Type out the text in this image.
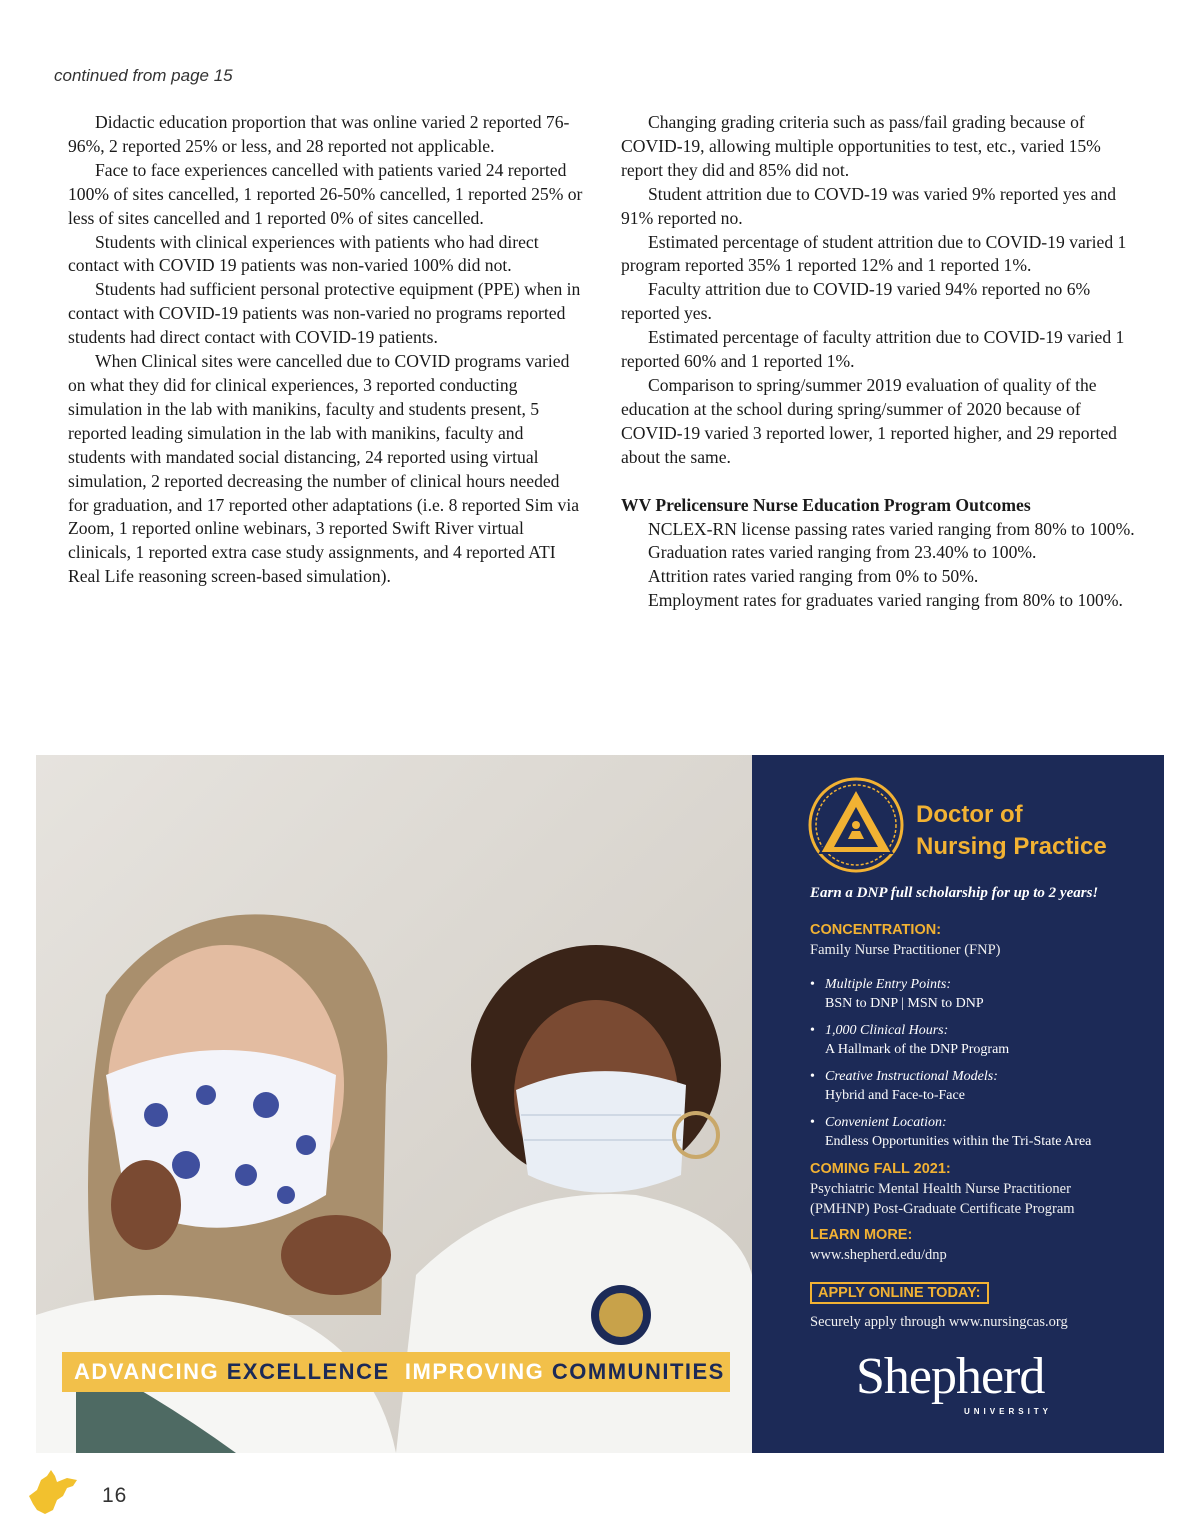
continued from page 15

Didactic education proportion that was online varied 2 reported 76-96%, 2 reported 25% or less, and 28 reported not applicable.

Face to face experiences cancelled with patients varied 24 reported 100% of sites cancelled, 1 reported 26-50% cancelled, 1 reported 25% or less of sites cancelled and 1 reported 0% of sites cancelled.

Students with clinical experiences with patients who had direct contact with COVID 19 patients was non-varied 100% did not.

Students had sufficient personal protective equipment (PPE) when in contact with COVID-19 patients was non-varied no programs reported students had direct contact with COVID-19 patients.

When Clinical sites were cancelled due to COVID programs varied on what they did for clinical experiences, 3 reported conducting simulation in the lab with manikins, faculty and students present, 5 reported leading simulation in the lab with manikins, faculty and students with mandated social distancing, 24 reported using virtual simulation, 2 reported decreasing the number of clinical hours needed for graduation, and 17 reported other adaptations (i.e. 8 reported Sim via Zoom, 1 reported online webinars, 3 reported Swift River virtual clinicals, 1 reported extra case study assignments, and 4 reported ATI Real Life reasoning screen-based simulation).

Changing grading criteria such as pass/fail grading because of COVID-19, allowing multiple opportunities to test, etc., varied 15% report they did and 85% did not.

Student attrition due to COVD-19 was varied 9% reported yes and 91% reported no.

Estimated percentage of student attrition due to COVID-19 varied 1 program reported 35% 1 reported 12% and 1 reported 1%.

Faculty attrition due to COVID-19 varied 94% reported no 6% reported yes.

Estimated percentage of faculty attrition due to COVID-19 varied 1 reported 60% and 1 reported 1%.

Comparison to spring/summer 2019 evaluation of quality of the education at the school during spring/summer of 2020 because of COVID-19 varied 3 reported lower, 1 reported higher, and 29 reported about the same.

WV Prelicensure Nurse Education Program Outcomes

NCLEX-RN license passing rates varied ranging from 80% to 100%.

Graduation rates varied ranging from 23.40% to 100%.

Attrition rates varied ranging from 0% to 50%.

Employment rates for graduates varied ranging from 80% to 100%.

ADVANCING EXCELLENCE IMPROVING COMMUNITIES
Doctor of
Nursing Practice
Earn a DNP full scholarship for up to 2 years!
CONCENTRATION:
Family Nurse Practitioner (FNP)
• Multiple Entry Points:
BSN to DNP | MSN to DNP
• 1,000 Clinical Hours:
A Hallmark of the DNP Program
• Creative Instructional Models:
Hybrid and Face-to-Face
• Convenient Location:
Endless Opportunities within the Tri-State Area
COMING FALL 2021:
Psychiatric Mental Health Nurse Practitioner
(PMHNP) Post-Graduate Certificate Program
LEARN MORE:
www.shepherd.edu/dnp
APPLY ONLINE TODAY:
Securely apply through www.nursingcas.org
Shepherd
UNIVERSITY
16
